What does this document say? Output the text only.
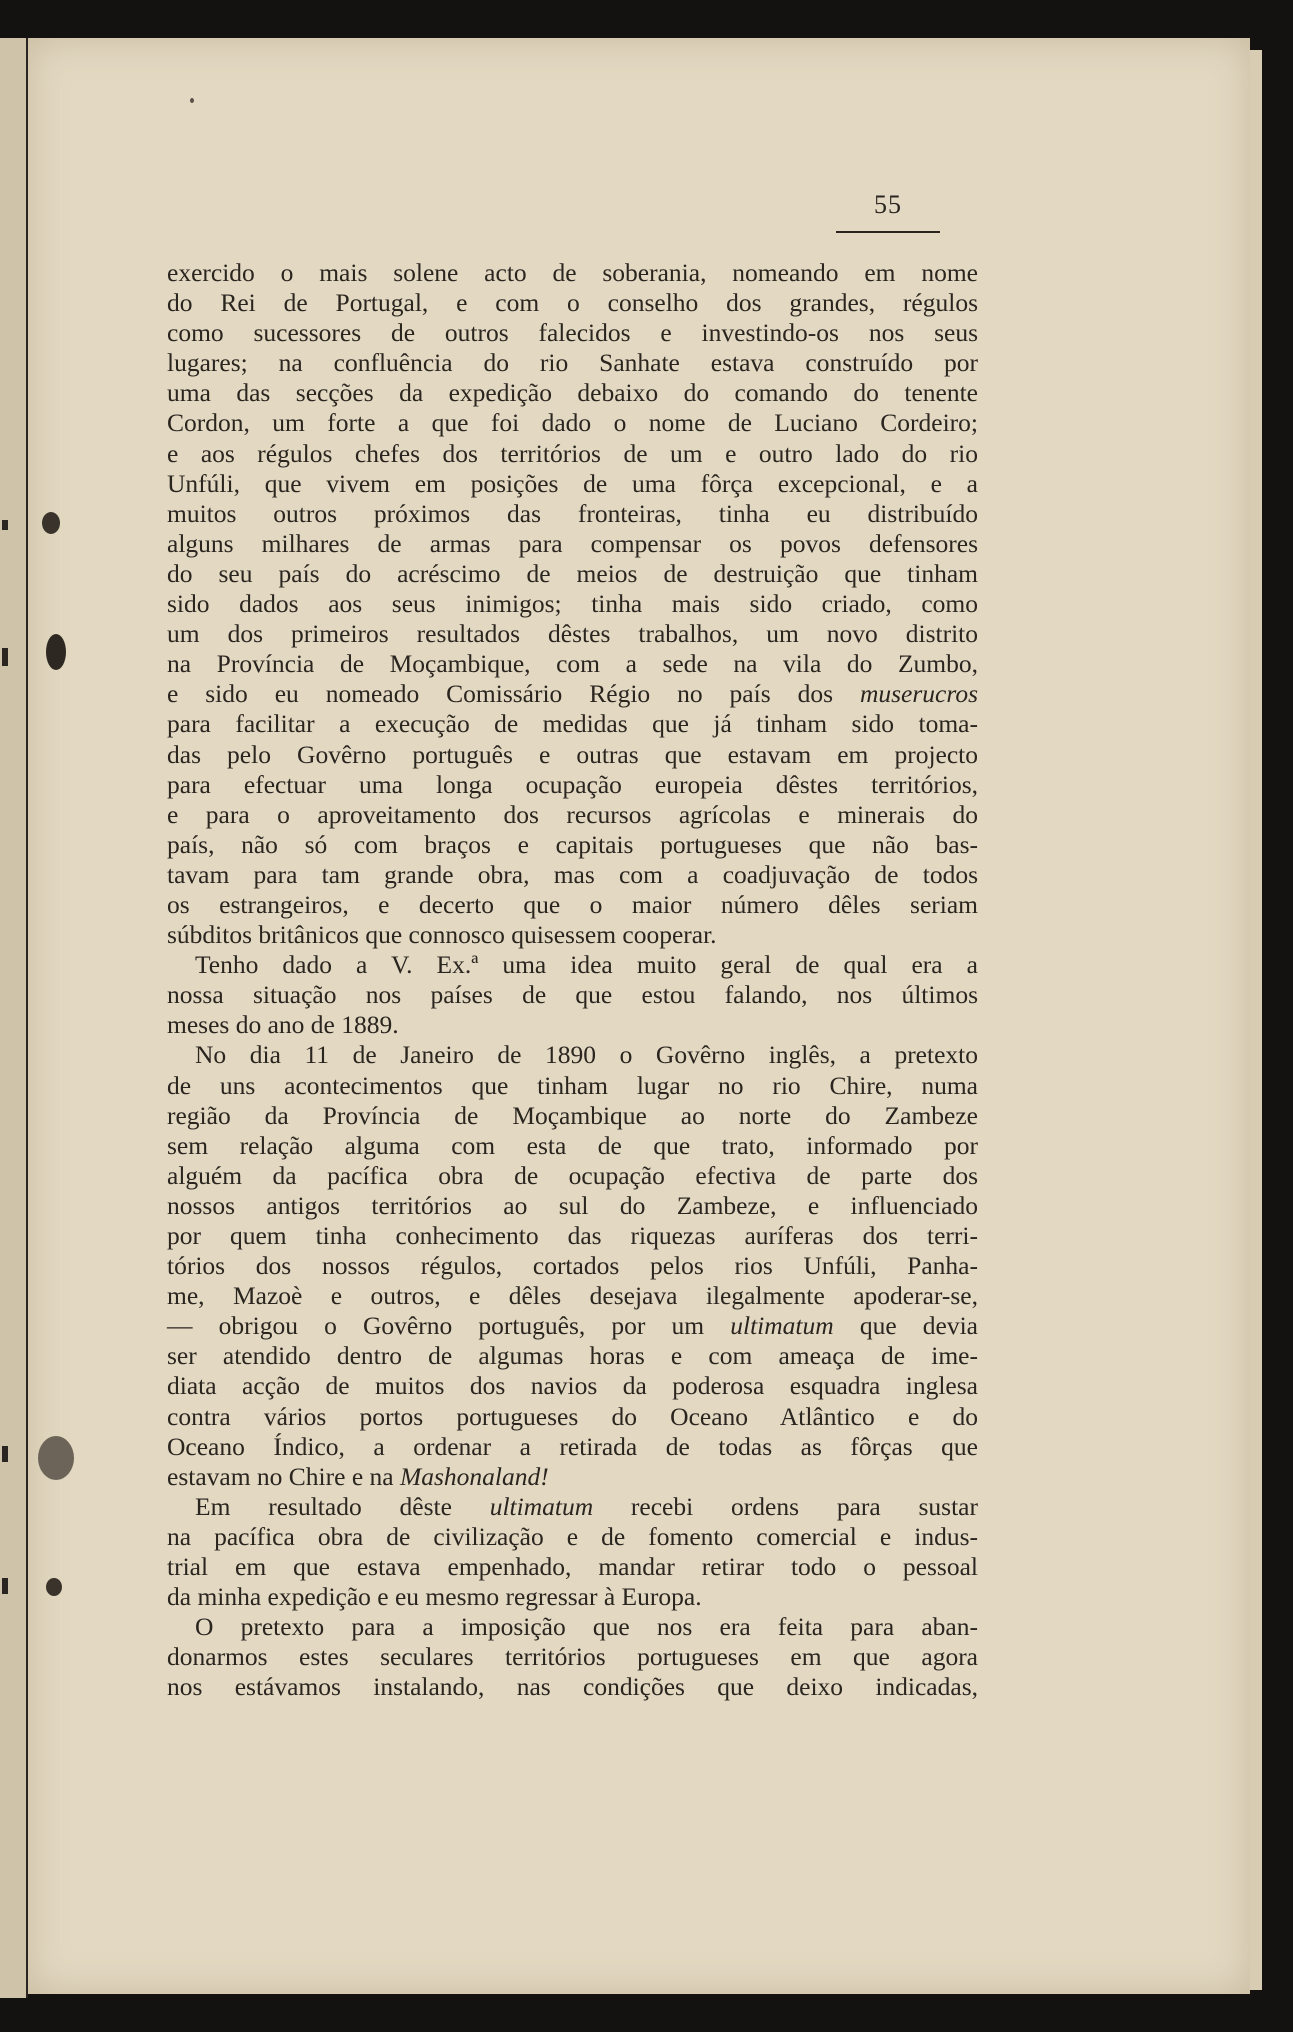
55
exercido o mais solene acto de soberania, nomeando em nome
do Rei de Portugal, e com o conselho dos grandes, régulos
como sucessores de outros falecidos e investindo-os nos seus
lugares; na confluência do rio Sanhate estava construído por
uma das secções da expedição debaixo do comando do tenente
Cordon, um forte a que foi dado o nome de Luciano Cordeiro;
e aos régulos chefes dos territórios de um e outro lado do rio
Unfúli, que vivem em posições de uma fôrça excepcional, e a
muitos outros próximos das fronteiras, tinha eu distribuído
alguns milhares de armas para compensar os povos defensores
do seu país do acréscimo de meios de destruição que tinham
sido dados aos seus inimigos; tinha mais sido criado, como
um dos primeiros resultados dêstes trabalhos, um novo distrito
na Província de Moçambique, com a sede na vila do Zumbo,
e sido eu nomeado Comissário Régio no país dos muserucros
para facilitar a execução de medidas que já tinham sido toma-
das pelo Govêrno português e outras que estavam em projecto
para efectuar uma longa ocupação europeia dêstes territórios,
e para o aproveitamento dos recursos agrícolas e minerais do
país, não só com braços e capitais portugueses que não bas-
tavam para tam grande obra, mas com a coadjuvação de todos
os estrangeiros, e decerto que o maior número dêles seriam
súbditos britânicos que connosco quisessem cooperar.
Tenho dado a V. Ex.ª uma idea muito geral de qual era a
nossa situação nos países de que estou falando, nos últimos
meses do ano de 1889.
No dia 11 de Janeiro de 1890 o Govêrno inglês, a pretexto
de uns acontecimentos que tinham lugar no rio Chire, numa
região da Província de Moçambique ao norte do Zambeze
sem relação alguma com esta de que trato, informado por
alguém da pacífica obra de ocupação efectiva de parte dos
nossos antigos territórios ao sul do Zambeze, e influenciado
por quem tinha conhecimento das riquezas auríferas dos terri-
tórios dos nossos régulos, cortados pelos rios Unfúli, Panha-
me, Mazoè e outros, e dêles desejava ilegalmente apoderar-se,
— obrigou o Govêrno português, por um ultimatum que devia
ser atendido dentro de algumas horas e com ameaça de ime-
diata acção de muitos dos navios da poderosa esquadra inglesa
contra vários portos portugueses do Oceano Atlântico e do
Oceano Índico, a ordenar a retirada de todas as fôrças que
estavam no Chire e na Mashonaland!
Em resultado dêste ultimatum recebi ordens para sustar
na pacífica obra de civilização e de fomento comercial e indus-
trial em que estava empenhado, mandar retirar todo o pessoal
da minha expedição e eu mesmo regressar à Europa.
O pretexto para a imposição que nos era feita para aban-
donarmos estes seculares territórios portugueses em que agora
nos estávamos instalando, nas condições que deixo indicadas,
